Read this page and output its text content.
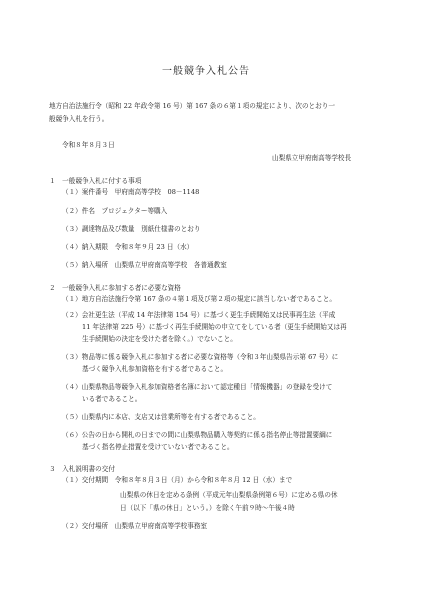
一般競争入札公告
地方自治法施行令（昭和 22 年政令第 16 号）第 167 条の６第１項の規定により、次のとおり一
般競争入札を行う。
令和８年８月３日
山梨県立甲府南高等学校長
１　一般競争入札に付する事項
（１）案件番号　甲府南高等学校　08－1148
（２）件名　プロジェクター等購入
（３）調達物品及び数量　別紙仕様書のとおり
（４）納入期限　令和８年９月 23 日（水）
（５）納入場所　山梨県立甲府南高等学校　各普通教室
２　一般競争入札に参加する者に必要な資格
（１）地方自治法施行令第 167 条の４第１項及び第２項の規定に該当しない者であること。
（２）会社更生法（平成 14 年法律第 154 号）に基づく更生手続開始又は民事再生法（平成
11 年法律第 225 号）に基づく再生手続開始の申立てをしている者（更生手続開始又は再
生手続開始の決定を受けた者を除く。）でないこと。
（３）物品等に係る競争入札に参加する者に必要な資格等（令和３年山梨県告示第 67 号）に
基づく競争入札参加資格を有する者であること。
（４）山梨県物品等競争入札参加資格者名簿において認定種目「情報機器」の登録を受けて
いる者であること。
（５）山梨県内に本店、支店又は営業所等を有する者であること。
（６）公告の日から開札の日までの間に山梨県物品購入等契約に係る指名停止等措置要綱に
基づく指名停止措置を受けていない者であること。
３　入札説明書の交付
（１）交付期間　令和８年８月３日（月）から令和８年８月 12 日（水）まで
山梨県の休日を定める条例（平成元年山梨県条例第６号）に定める県の休
日（以下「県の休日」という。）を除く午前９時～午後４時
（２）交付場所　山梨県立甲府南高等学校事務室
